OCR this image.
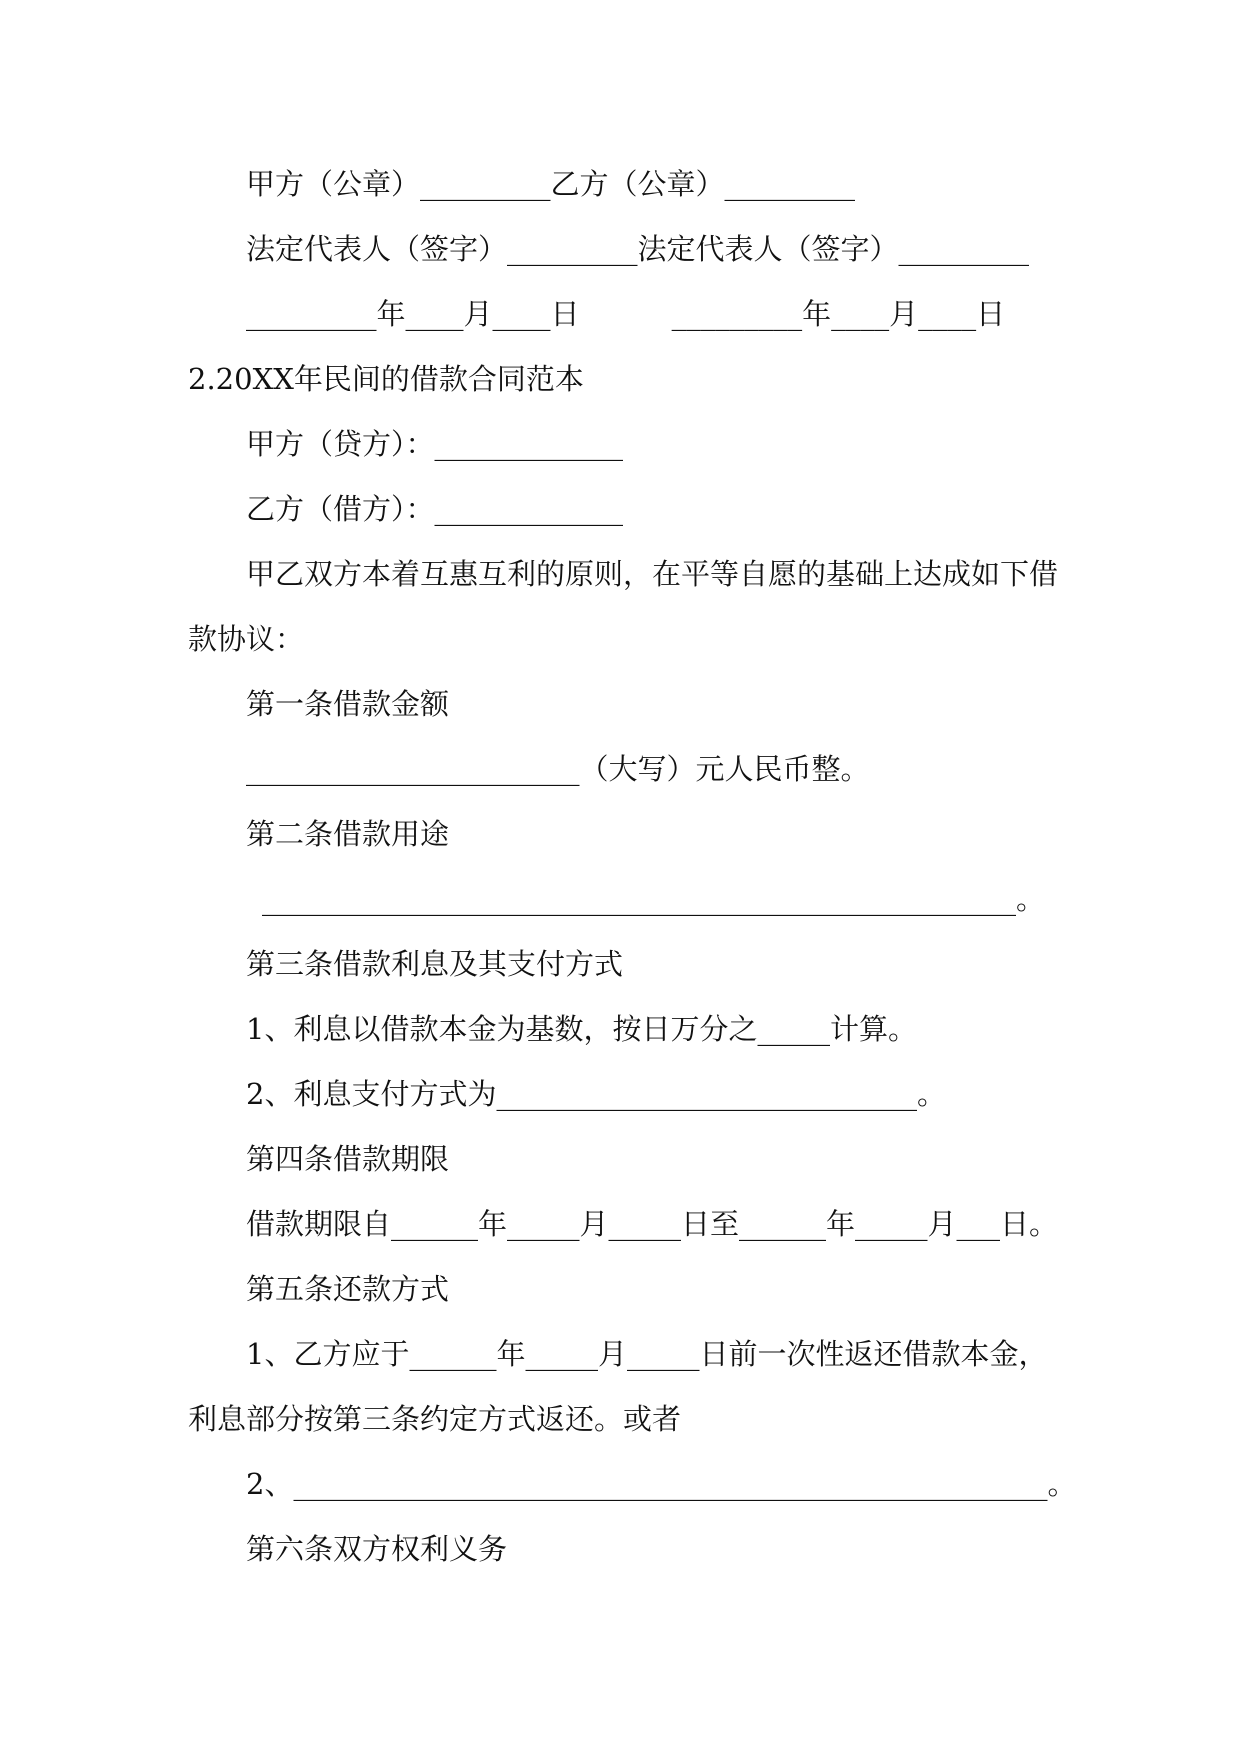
甲方（公章）_________乙方（公章）_________
法定代表人（签字）_________法定代表人（签字）_________
_________年____月____日          _________年____月____日
2.20XX年民间的借款合同范本
甲方（贷方）：_____________
乙方（借方）：_____________
甲乙双方本着互惠互利的原则，在平等自愿的基础上达成如下借
款协议：
第一条借款金额
_______________________（大写）元人民币整。
第二条借款用途
____________________________________________________。
第三条借款利息及其支付方式
1、利息以借款本金为基数，按日万分之_____计算。
2、利息支付方式为_____________________________。
第四条借款期限
借款期限自______年_____月_____日至______年_____月___日。
第五条还款方式
1、乙方应于______年_____月_____日前一次性返还借款本金，
利息部分按第三条约定方式返还。或者
2、____________________________________________________。
第六条双方权利义务
